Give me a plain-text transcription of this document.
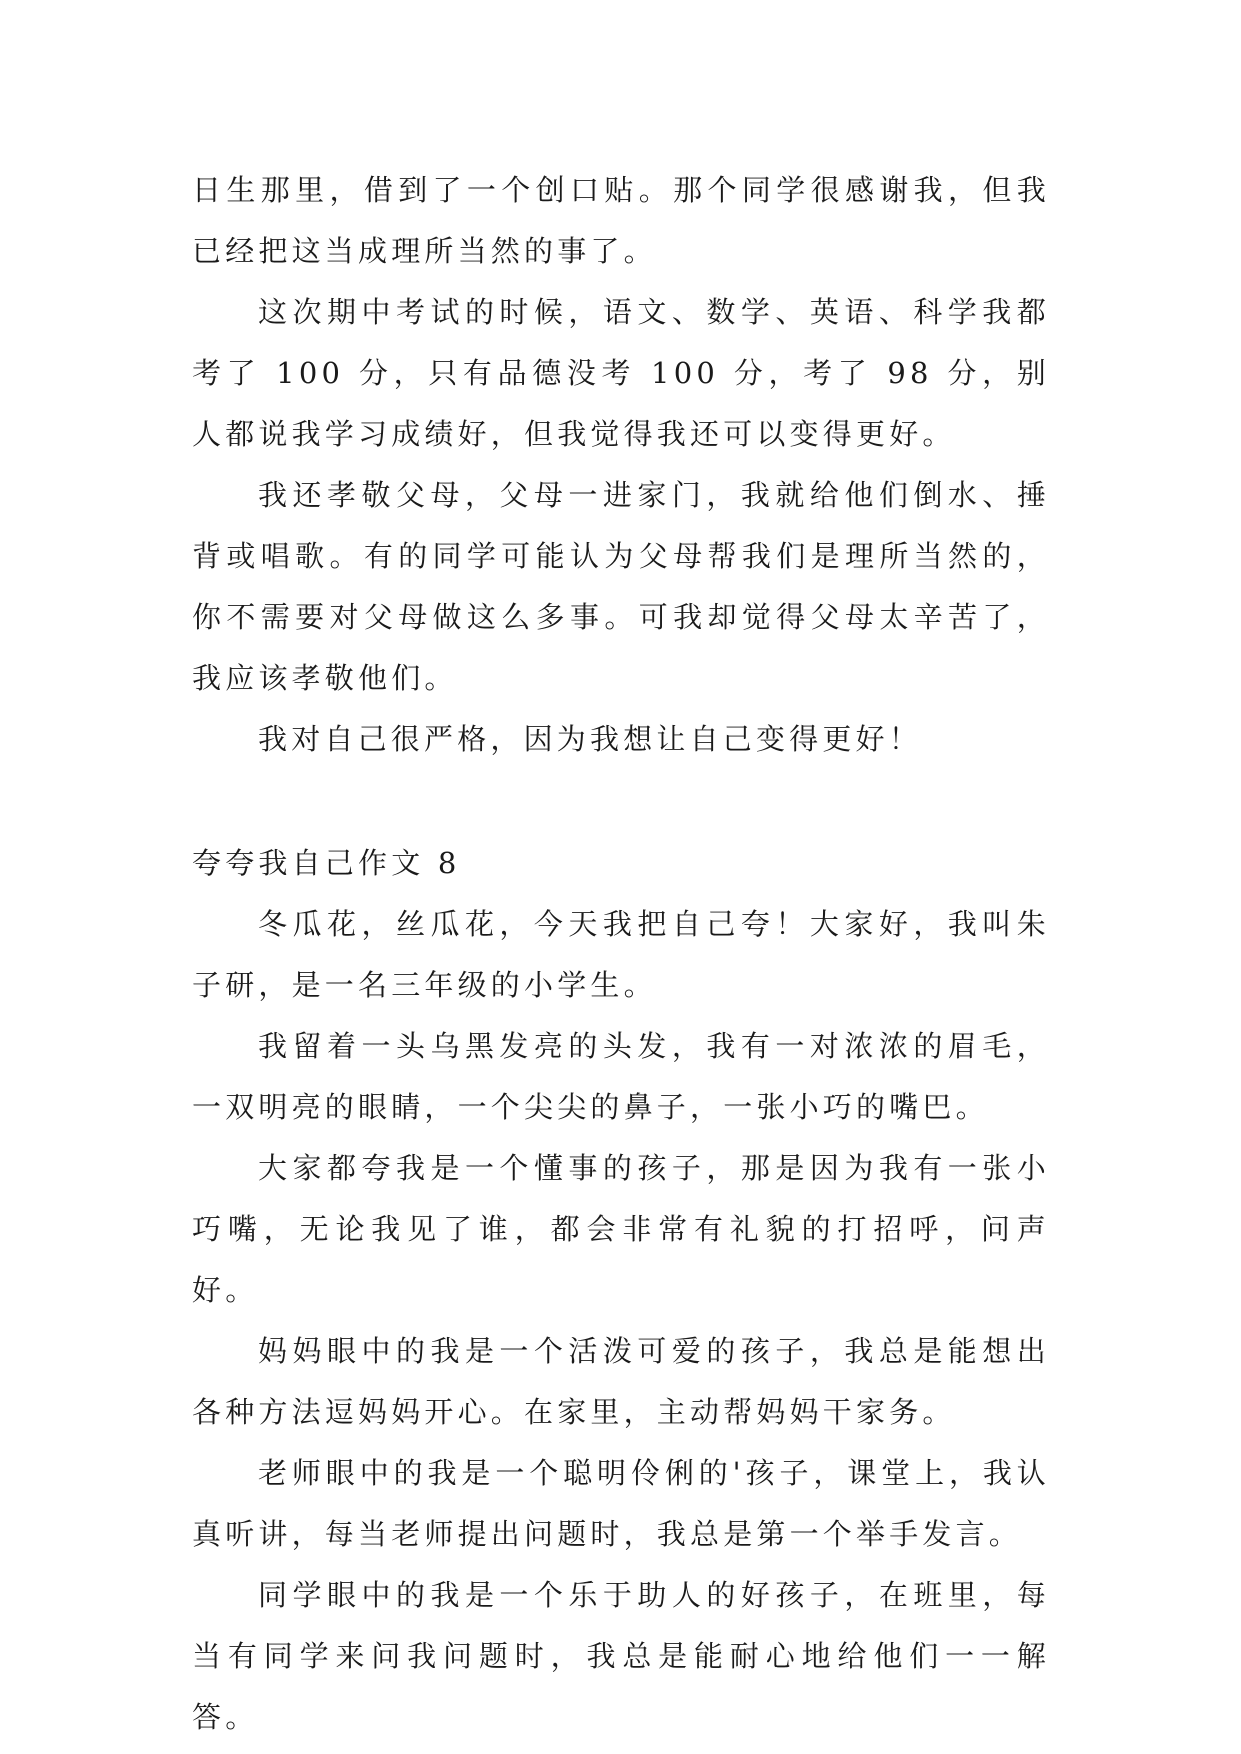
日生那里，借到了一个创口贴。那个同学很感谢我，但我已经把这当成理所当然的事了。

这次期中考试的时候，语文、数学、英语、科学我都考了 100 分，只有品德没考 100 分，考了 98 分，别人都说我学习成绩好，但我觉得我还可以变得更好。

我还孝敬父母，父母一进家门，我就给他们倒水、捶背或唱歌。有的同学可能认为父母帮我们是理所当然的，你不需要对父母做这么多事。可我却觉得父母太辛苦了，我应该孝敬他们。

我对自己很严格，因为我想让自己变得更好！

夸夸我自己作文 8

冬瓜花，丝瓜花，今天我把自己夸！大家好，我叫朱子研，是一名三年级的小学生。

我留着一头乌黑发亮的头发，我有一对浓浓的眉毛，一双明亮的眼睛，一个尖尖的鼻子，一张小巧的嘴巴。

大家都夸我是一个懂事的孩子，那是因为我有一张小巧嘴，无论我见了谁，都会非常有礼貌的打招呼，问声好。

妈妈眼中的我是一个活泼可爱的孩子，我总是能想出各种方法逗妈妈开心。在家里，主动帮妈妈干家务。

老师眼中的我是一个聪明伶俐的'孩子，课堂上，我认真听讲，每当老师提出问题时，我总是第一个举手发言。

同学眼中的我是一个乐于助人的好孩子，在班里，每当有同学来问我问题时，我总是能耐心地给他们一一解答。
